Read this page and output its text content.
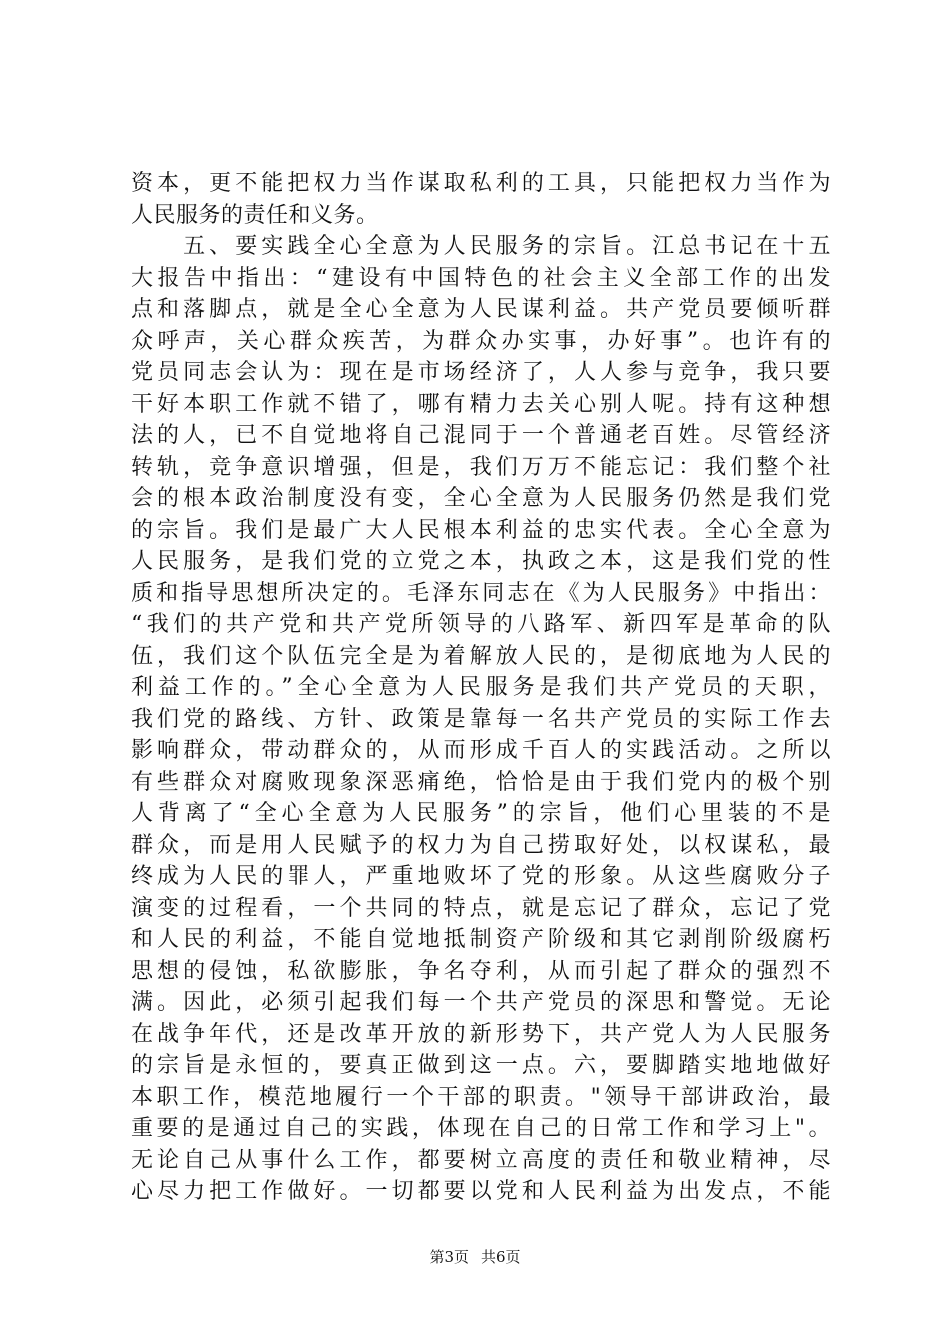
资本，更不能把权力当作谋取私利的工具，只能把权力当作为
人民服务的责任和义务。
　　五、要实践全心全意为人民服务的宗旨。江总书记在十五
大报告中指出：“建设有中国特色的社会主义全部工作的出发
点和落脚点，就是全心全意为人民谋利益。共产党员要倾听群
众呼声，关心群众疾苦，为群众办实事，办好事”。也许有的
党员同志会认为：现在是市场经济了，人人参与竞争，我只要
干好本职工作就不错了，哪有精力去关心别人呢。持有这种想
法的人，已不自觉地将自己混同于一个普通老百姓。尽管经济
转轨，竞争意识增强，但是，我们万万不能忘记：我们整个社
会的根本政治制度没有变，全心全意为人民服务仍然是我们党
的宗旨。我们是最广大人民根本利益的忠实代表。全心全意为
人民服务，是我们党的立党之本，执政之本，这是我们党的性
质和指导思想所决定的。毛泽东同志在《为人民服务》中指出：
“我们的共产党和共产党所领导的八路军、新四军是革命的队
伍，我们这个队伍完全是为着解放人民的，是彻底地为人民的
利益工作的。”全心全意为人民服务是我们共产党员的天职，
我们党的路线、方针、政策是靠每一名共产党员的实际工作去
影响群众，带动群众的，从而形成千百人的实践活动。之所以
有些群众对腐败现象深恶痛绝，恰恰是由于我们党内的极个别
人背离了“全心全意为人民服务”的宗旨，他们心里装的不是
群众，而是用人民赋予的权力为自己捞取好处，以权谋私，最
终成为人民的罪人，严重地败坏了党的形象。从这些腐败分子
演变的过程看，一个共同的特点，就是忘记了群众，忘记了党
和人民的利益，不能自觉地抵制资产阶级和其它剥削阶级腐朽
思想的侵蚀，私欲膨胀，争名夺利，从而引起了群众的强烈不
满。因此，必须引起我们每一个共产党员的深思和警觉。无论
在战争年代，还是改革开放的新形势下，共产党人为人民服务
的宗旨是永恒的，要真正做到这一点。六，要脚踏实地地做好
本职工作，模范地履行一个干部的职责。"领导干部讲政治，最
重要的是通过自己的实践，体现在自己的日常工作和学习上"。
无论自己从事什么工作，都要树立高度的责任和敬业精神，尽
心尽力把工作做好。一切都要以党和人民利益为出发点，不能
第3页 共6页
